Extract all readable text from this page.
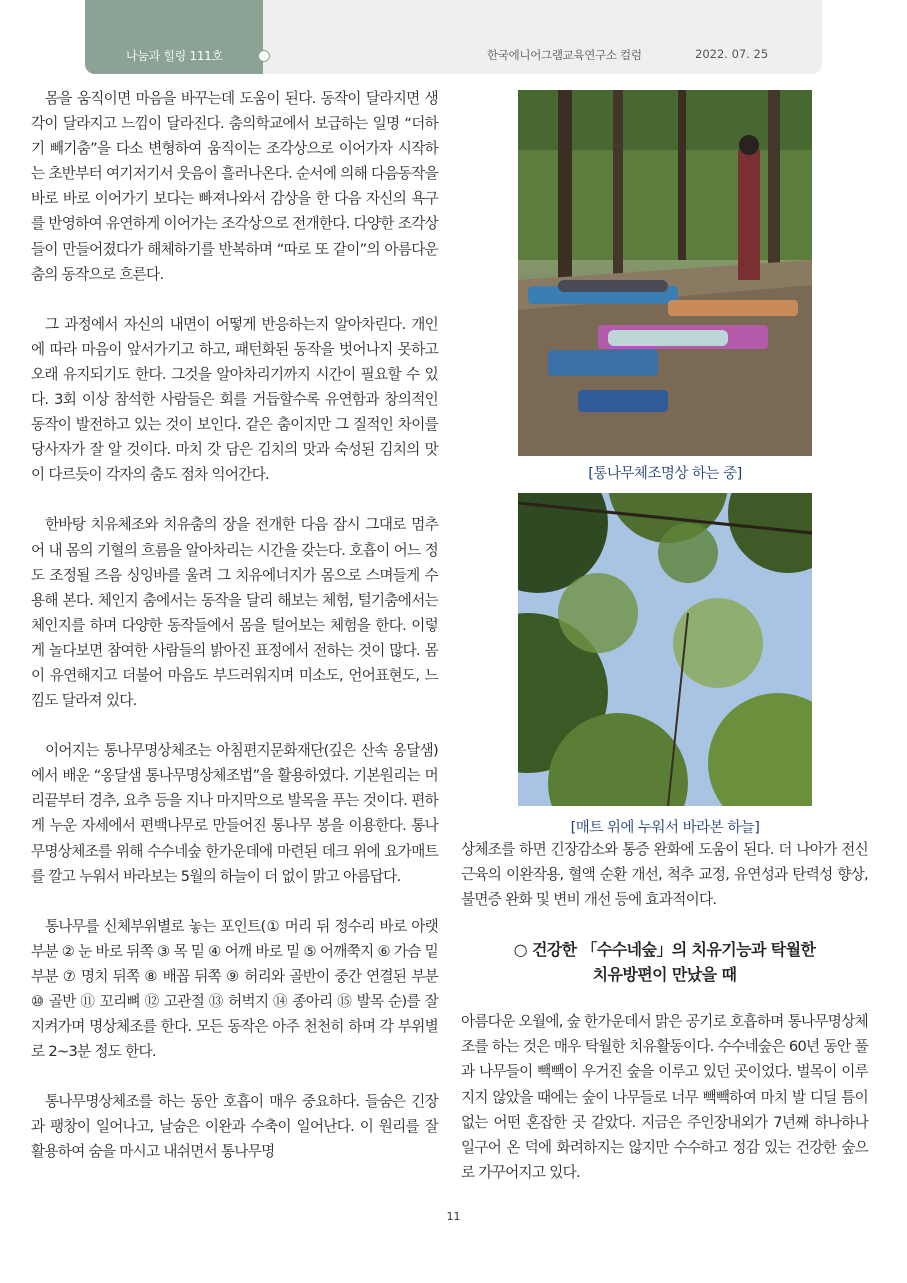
나눔과 힐링 111호	한국에니어그램교육연구소 컬럼	2022. 07. 25

몸을 움직이면 마음을 바꾸는데 도움이 된다. 동작이 달라지면 생각이 달라지고 느낌이 달라진다. 춤의학교에서 보급하는 일명 “더하기 빼기춤”을 다소 변형하여 움직이는 조각상으로 이어가자 시작하는 초반부터 여기저기서 웃음이 흘러나온다. 순서에 의해 다음동작을 바로 바로 이어가기 보다는 빠져나와서 감상을 한 다음 자신의 욕구를 반영하여 유연하게 이어가는 조각상으로 전개한다. 다양한 조각상들이 만들어졌다가 해체하기를 반복하며 “따로 또 같이”의 아름다운 춤의 동작으로 흐른다.

그 과정에서 자신의 내면이 어떻게 반응하는지 알아차린다. 개인에 따라 마음이 앞서가기고 하고, 패턴화된 동작을 벗어나지 못하고 오래 유지되기도 한다. 그것을 알아차리기까지 시간이 필요할 수 있다. 3회 이상 참석한 사람들은 회를 거듭할수록 유연함과 창의적인 동작이 발전하고 있는 것이 보인다. 같은 춤이지만 그 질적인 차이를 당사자가 잘 알 것이다. 마치 갓 담은 김치의 맛과 숙성된 김치의 맛이 다르듯이 각자의 춤도 점차 익어간다.

한바탕 치유체조와 치유춤의 장을 전개한 다음 잠시 그대로 멈추어 내 몸의 기혈의 흐름을 알아차리는 시간을 갖는다. 호흡이 어느 정도 조정될 즈음 싱잉바를 울려 그 치유에너지가 몸으로 스며들게 수용해 본다. 체인지 춤에서는 동작을 달리 해보는 체험, 털기춤에서는 체인지를 하며 다양한 동작들에서 몸을 털어보는 체험을 한다. 이렇게 놀다보면 참여한 사람들의 밝아진 표정에서 전하는 것이 많다. 몸이 유연해지고 더불어 마음도 부드러워지며 미소도, 언어표현도, 느낌도 달라져 있다.

이어지는 통나무명상체조는 아침편지문화재단(깊은 산속 옹달샘)에서 배운 “옹달샘 통나무명상체조법”을 활용하였다. 기본원리는 머리끝부터 경추, 요추 등을 지나 마지막으로 발목을 푸는 것이다. 편하게 누운 자세에서 편백나무로 만들어진 통나무 봉을 이용한다. 통나무명상체조를 위해 수수네숲 한가운데에 마련된 데크 위에 요가매트를 깔고 누워서 바라보는 5월의 하늘이 더 없이 맑고 아름답다.

통나무를 신체부위별로 놓는 포인트(① 머리 뒤 정수리 바로 아랫부분 ② 눈 바로 뒤쪽 ③ 목 밑 ④ 어깨 바로 밑 ⑤ 어깨쭉지 ⑥ 가슴 밑부분 ⑦ 명치 뒤쪽 ⑧ 배꼽 뒤쪽 ⑨ 허리와 골반이 중간 연결된 부분 ⑩ 골반 ⑪ 꼬리뼈 ⑫ 고관절 ⑬ 허벅지 ⑭ 종아리 ⑮ 발목 순)를 잘 지켜가며 명상체조를 한다. 모든 동작은 아주 천천히 하며 각 부위별로 2~3분 정도 한다.

통나무명상체조를 하는 동안 호흡이 매우 중요하다. 들숨은 긴장과 팽창이 일어나고, 날숨은 이완과 수축이 일어난다. 이 원리를 잘 활용하여 숨을 마시고 내쉬면서 통나무명

[통나무체조명상 하는 중]
[매트 위에 누워서 바라본 하늘]

상체조를 하면 긴장감소와 통증 완화에 도움이 된다. 더 나아가 전신근육의 이완작용, 혈액 순환 개선, 척추 교정, 유연성과 탄력성 향상, 불면증 완화 및 변비 개선 등에 효과적이다.

○ 건강한 「수수네숲」의 치유기능과 탁월한
치유방편이 만났을 때

아름다운 오월에, 숲 한가운데서 맑은 공기로 호흡하며 통나무명상체조를 하는 것은 매우 탁월한 치유활동이다. 수수네숲은 60년 동안 풀과 나무들이 빽빽이 우거진 숲을 이루고 있던 곳이었다. 벌목이 이루지지 않았을 때에는 숲이 나무들로 너무 빽빽하여 마치 발 디딜 틈이 없는 어떤 혼잡한 곳 같았다. 지금은 주인장내외가 7년째 하나하나 일구어 온 덕에 화려하지는 않지만 수수하고 정감 있는 건강한 숲으로 가꾸어지고 있다.

11
